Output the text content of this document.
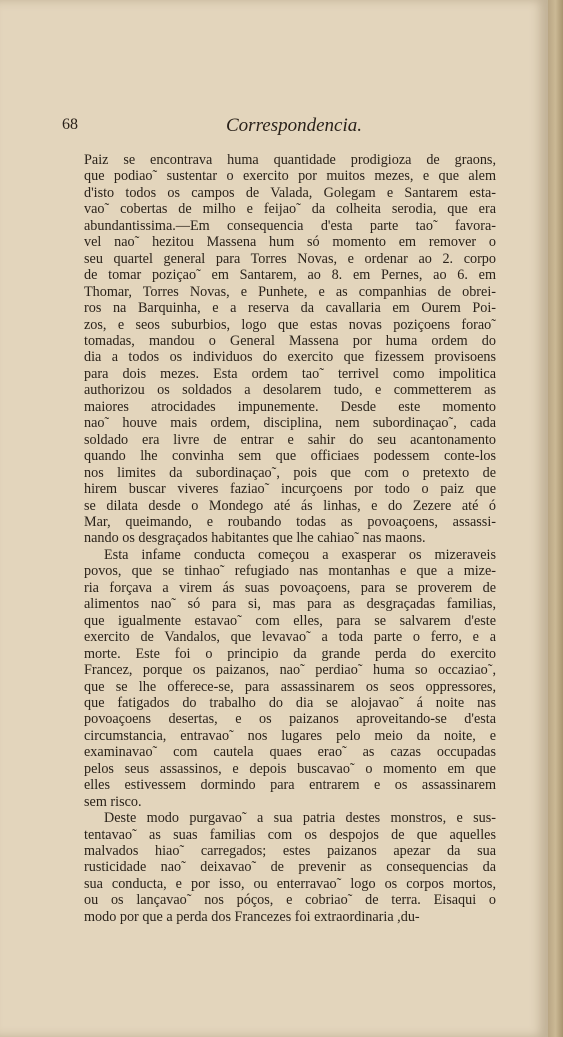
68	Correspondencia.
Paiz se encontrava huma quantidade prodigioza de graons,
que podiao˜ sustentar o exercito por muitos mezes, e que alem
d'isto todos os campos de Valada, Golegam e Santarem esta-
vao˜ cobertas de milho e feijao˜ da colheita serodia, que era
abundantissima.—Em consequencia d'esta parte tao˜ favora-
vel nao˜ hezitou Massena hum só momento em remover o
seu quartel general para Torres Novas, e ordenar ao 2. corpo
de tomar poziçao˜ em Santarem, ao 8. em Pernes, ao 6. em
Thomar, Torres Novas, e Punhete, e as companhias de obrei-
ros na Barquinha, e a reserva da cavallaria em Ourem Poi-
zos, e seos suburbios, logo que estas novas poziçoens forao˜
tomadas, mandou o General Massena por huma ordem do
dia a todos os individuos do exercito que fizessem provisoens
para dois mezes. Esta ordem tao˜ terrivel como impolitica
authorizou os soldados a desolarem tudo, e commetterem as
maiores atrocidades impunemente. Desde este momento
nao˜ houve mais ordem, disciplina, nem subordinaçao˜, cada
soldado era livre de entrar e sahir do seu acantonamento
quando lhe convinha sem que officiaes podessem conte-los
nos limites da subordinaçao˜, pois que com o pretexto de
hirem buscar viveres faziao˜ incurçoens por todo o paiz que
se dilata desde o Mondego até ás linhas, e do Zezere até ó
Mar, queimando, e roubando todas as povoaçoens, assassi-
nando os desgraçados habitantes que lhe cahiao˜ nas maons.
Esta infame conducta começou a exasperar os mizeraveis
povos, que se tinhao˜ refugiado nas montanhas e que a mize-
ria forçava a virem ás suas povoaçoens, para se proverem de
alimentos nao˜ só para si, mas para as desgraçadas familias,
que igualmente estavao˜ com elles, para se salvarem d'este
exercito de Vandalos, que levavao˜ a toda parte o ferro, e a
morte. Este foi o principio da grande perda do exercito
Francez, porque os paizanos, nao˜ perdiao˜ huma so occaziao˜,
que se lhe offerece-se, para assassinarem os seos oppressores,
que fatigados do trabalho do dia se alojavao˜ á noite nas
povoaçoens desertas, e os paizanos aproveitando-se d'esta
circumstancia, entravao˜ nos lugares pelo meio da noite, e
examinavao˜ com cautela quaes erao˜ as cazas occupadas
pelos seus assassinos, e depois buscavao˜ o momento em que
elles estivessem dormindo para entrarem e os assassinarem
sem risco.
Deste modo purgavao˜ a sua patria destes monstros, e sus-
tentavao˜ as suas familias com os despojos de que aquelles
malvados hiao˜ carregados; estes paizanos apezar da sua
rusticidade nao˜ deixavao˜ de prevenir as consequencias da
sua conducta, e por isso, ou enterravao˜ logo os corpos mortos,
ou os lançavao˜ nos póços, e cobriao˜ de terra. Eisaqui o
modo por que a perda dos Francezes foi extraordinaria ,du-
